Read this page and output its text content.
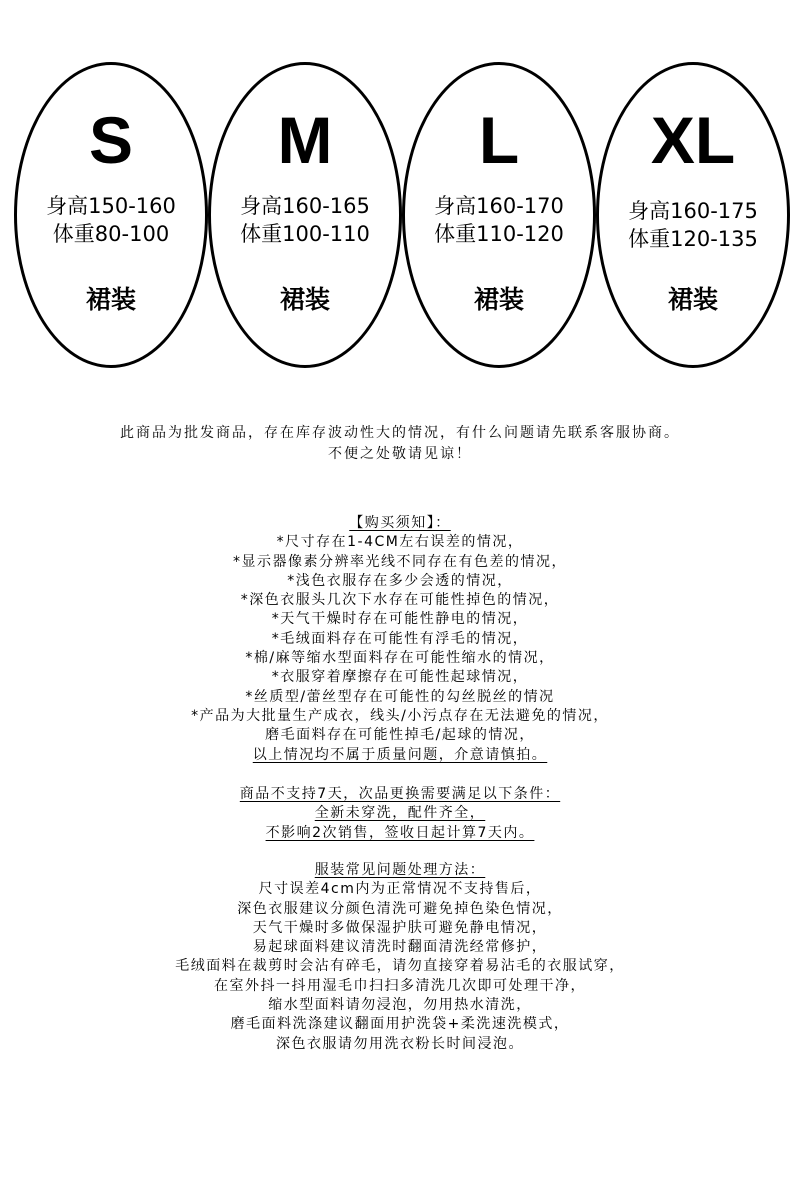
S
身高150-160
体重80-100
裙装
M
身高160-165
体重100-110
裙装
L
身高160-170
体重110-120
裙装
XL
身高160-175
体重120-135
裙装
此商品为批发商品，存在库存波动性大的情况，有什么问题请先联系客服协商。
不便之处敬请见谅！
【购买须知】：
*尺寸存在1-4CM左右误差的情况，
*显示器像素分辨率光线不同存在有色差的情况，
*浅色衣服存在多少会透的情况，
*深色衣服头几次下水存在可能性掉色的情况，
*天气干燥时存在可能性静电的情况，
*毛绒面料存在可能性有浮毛的情况，
*棉/麻等缩水型面料存在可能性缩水的情况，
*衣服穿着摩擦存在可能性起球情况，
*丝质型/蕾丝型存在可能性的勾丝脱丝的情况
*产品为大批量生产成衣，线头/小污点存在无法避免的情况，
磨毛面料存在可能性掉毛/起球的情况，
以上情况均不属于质量问题，介意请慎拍。
商品不支持7天，次品更换需要满足以下条件：
全新未穿洗，配件齐全，
不影响2次销售，签收日起计算7天内。
服装常见问题处理方法：
尺寸误差4cm内为正常情况不支持售后，
深色衣服建议分颜色清洗可避免掉色染色情况，
天气干燥时多做保湿护肤可避免静电情况，
易起球面料建议清洗时翻面清洗经常修护，
毛绒面料在裁剪时会沾有碎毛，请勿直接穿着易沾毛的衣服试穿，
在室外抖一抖用湿毛巾扫扫多清洗几次即可处理干净，
缩水型面料请勿浸泡，勿用热水清洗，
磨毛面料洗涤建议翻面用护洗袋+柔洗速洗模式，
深色衣服请勿用洗衣粉长时间浸泡。
